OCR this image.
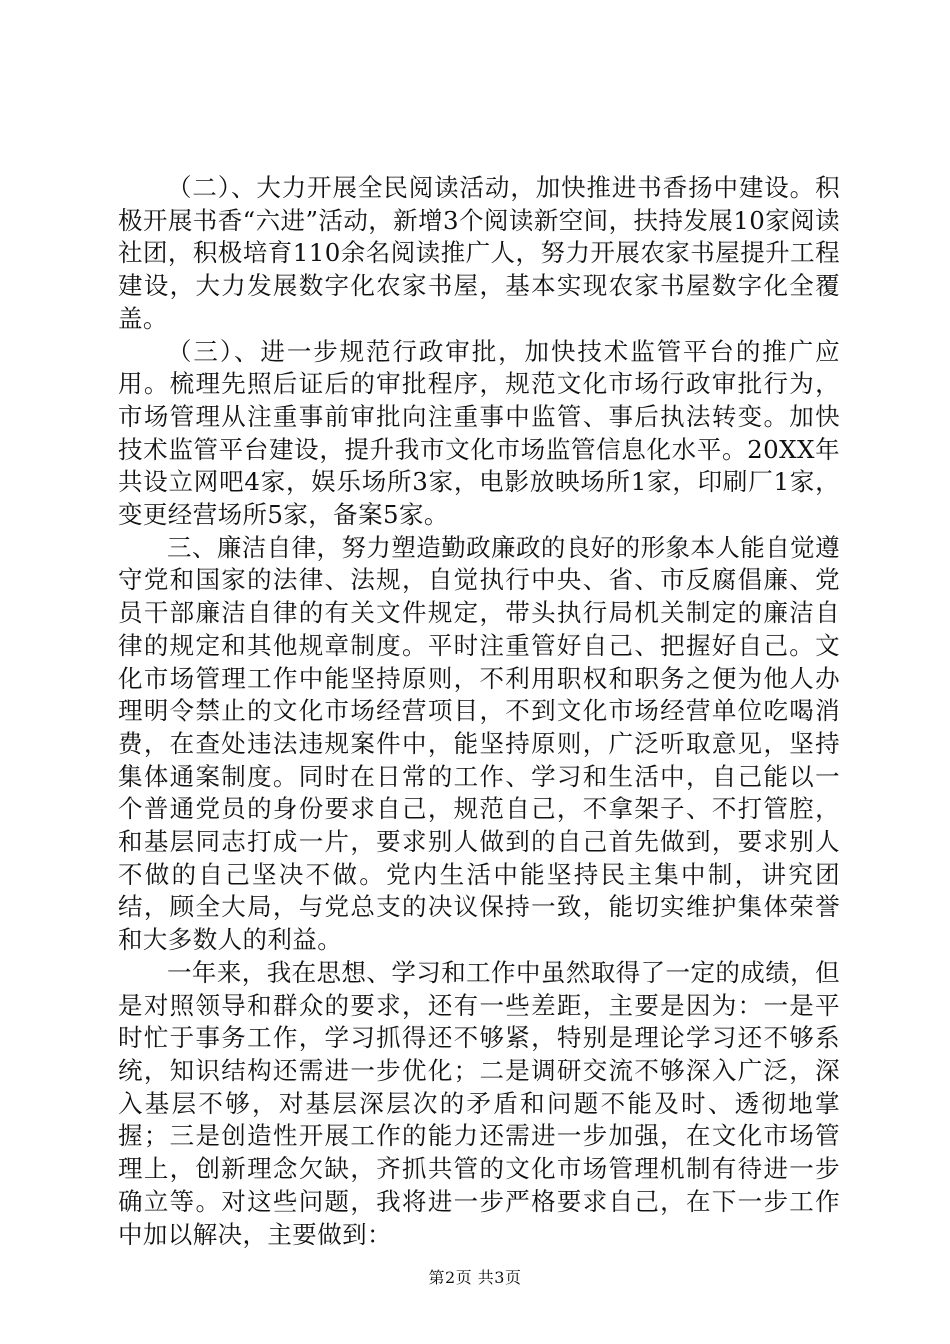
（二）、大力开展全民阅读活动，加快推进书香扬中建设。积极开展书香“六进”活动，新增3个阅读新空间，扶持发展10家阅读社团，积极培育110余名阅读推广人，努力开展农家书屋提升工程建设，大力发展数字化农家书屋，基本实现农家书屋数字化全覆盖。

（三）、进一步规范行政审批，加快技术监管平台的推广应用。梳理先照后证后的审批程序，规范文化市场行政审批行为，市场管理从注重事前审批向注重事中监管、事后执法转变。加快技术监管平台建设，提升我市文化市场监管信息化水平。20XX年共设立网吧4家，娱乐场所3家，电影放映场所1家，印刷厂1家，变更经营场所5家，备案5家。

三、廉洁自律，努力塑造勤政廉政的良好的形象本人能自觉遵守党和国家的法律、法规，自觉执行中央、省、市反腐倡廉、党员干部廉洁自律的有关文件规定，带头执行局机关制定的廉洁自律的规定和其他规章制度。平时注重管好自己、把握好自己。文化市场管理工作中能坚持原则，不利用职权和职务之便为他人办理明令禁止的文化市场经营项目，不到文化市场经营单位吃喝消费，在查处违法违规案件中，能坚持原则，广泛听取意见，坚持集体通案制度。同时在日常的工作、学习和生活中，自己能以一个普通党员的身份要求自己，规范自己，不拿架子、不打管腔，和基层同志打成一片，要求别人做到的自己首先做到，要求别人不做的自己坚决不做。党内生活中能坚持民主集中制，讲究团结，顾全大局，与党总支的决议保持一致，能切实维护集体荣誉和大多数人的利益。

一年来，我在思想、学习和工作中虽然取得了一定的成绩，但是对照领导和群众的要求，还有一些差距，主要是因为：一是平时忙于事务工作，学习抓得还不够紧，特别是理论学习还不够系统，知识结构还需进一步优化；二是调研交流不够深入广泛，深入基层不够，对基层深层次的矛盾和问题不能及时、透彻地掌握；三是创造性开展工作的能力还需进一步加强，在文化市场管理上，创新理念欠缺，齐抓共管的文化市场管理机制有待进一步确立等。对这些问题，我将进一步严格要求自己，在下一步工作中加以解决，主要做到：

第2页 共3页
